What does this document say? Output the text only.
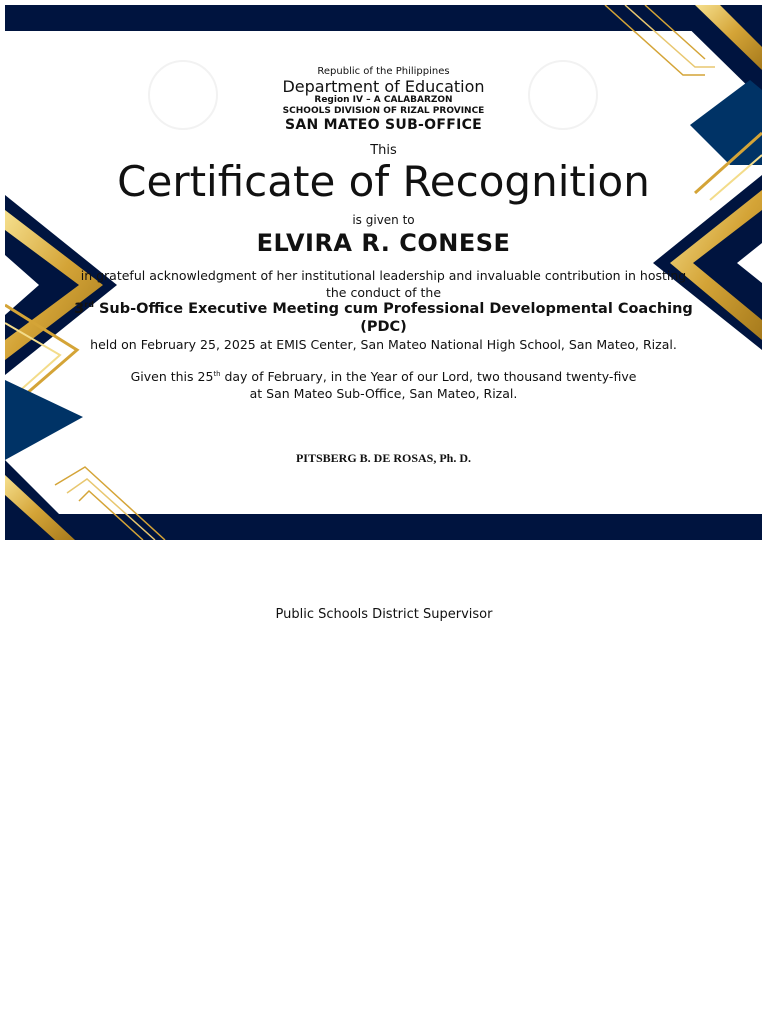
Republic of the Philippines
Department of Education
Region IV – A CALABARZON
SCHOOLS DIVISION OF RIZAL PROVINCE
SAN MATEO SUB-OFFICE
This
Certificate of Recognition
is given to
ELVIRA R. CONESE
in grateful acknowledgment of her institutional leadership and invaluable contribution in hosting
the conduct of the
3rd Sub-Office Executive Meeting cum Professional Developmental Coaching
(PDC)
held on February 25, 2025 at EMIS Center, San Mateo National High School, San Mateo, Rizal.
Given this 25th day of February, in the Year of our Lord, two thousand twenty-five
at San Mateo Sub-Office, San Mateo, Rizal.
PITSBERG B. DE ROSAS, Ph. D.
Public Schools District Supervisor
